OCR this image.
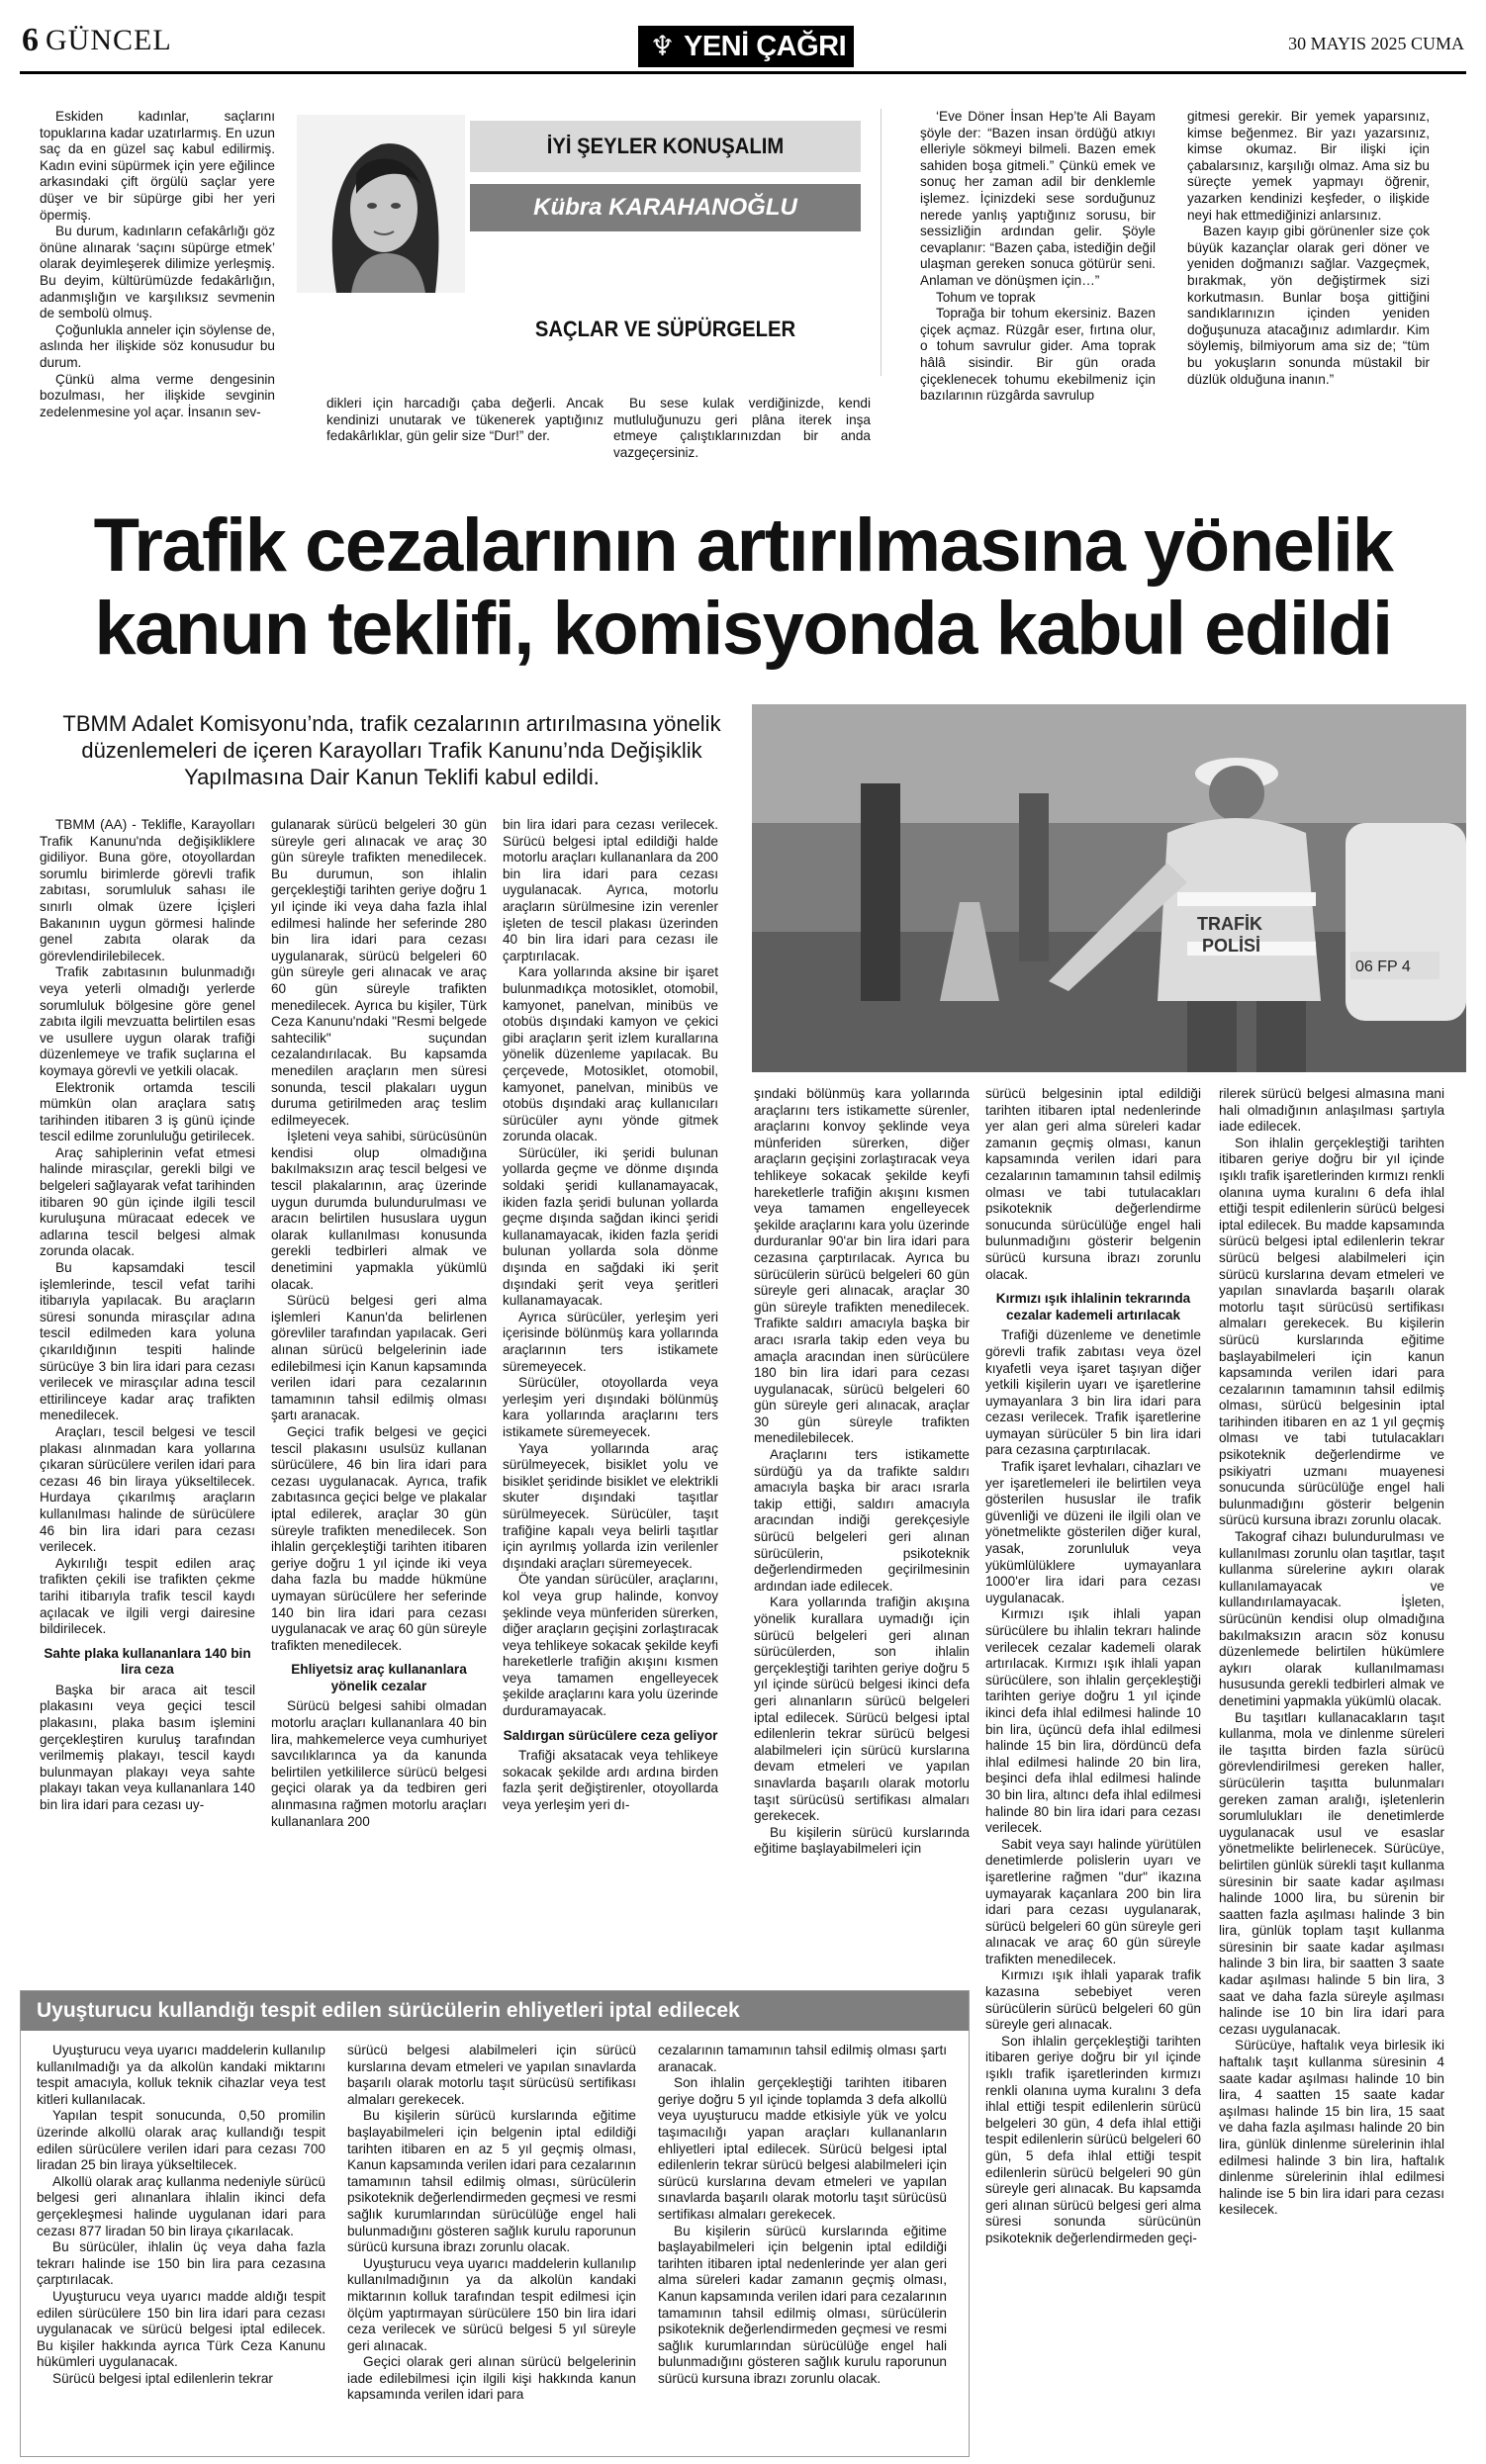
6 GÜNCEL	♆ YENİ ÇAĞRI	30 MAYIS 2025 CUMA

Eskiden kadınlar, saçlarını topuklarına kadar uzatırlarmış. En uzun saç da en güzel saç kabul edilirmiş. Kadın evini süpürmek için yere eğilince arkasındaki çift örgülü saçlar yere düşer ve bir süpürge gibi her yeri öpermiş.

Bu durum, kadınların cefakârlığı göz önüne alınarak ‘saçını süpürge etmek’ olarak deyimleşerek dilimize yerleşmiş. Bu deyim, kültürümüzde fedakârlığın, adanmışlığın ve karşılıksız sevmenin de sembolü olmuş.

Çoğunlukla anneler için söylense de, aslında her ilişkide söz konusudur bu durum.

Çünkü alma verme dengesinin bozulması, her ilişkide sevginin zedelenmesine yol açar. İnsanın sev-

İYİ ŞEYLER KONUŞALIM
Kübra KARAHANOĞLU
SAÇLAR VE SÜPÜRGELER

dikleri için harcadığı çaba değerli. Ancak kendinizi unutarak ve tükenerek yaptığınız fedakârlıklar, gün gelir size “Dur!” der.

Bu sese kulak verdiğinizde, kendi mutluluğunuzu geri plâna iterek inşa etmeye çalıştıklarınızdan bir anda vazgeçersiniz.

‘Eve Döner İnsan Hep’te Ali Bayam şöyle der: “Bazen insan ördüğü atkıyı elleriyle sökmeyi bilmeli. Bazen emek sahiden boşa gitmeli.” Çünkü emek ve sonuç her zaman adil bir denklemle işlemez. İçinizdeki sese sorduğunuz nerede yanlış yaptığınız sorusu, bir sessizliğin ardından gelir. Şöyle cevaplanır: “Bazen çaba, istediğin değil ulaşman gereken sonuca götürür seni. Anlaman ve dönüşmen için…”

Tohum ve toprak

Toprağa bir tohum ekersiniz. Bazen çiçek açmaz. Rüzgâr eser, fırtına olur, o tohum savrulur gider. Ama toprak hâlâ sisindir. Bir gün orada çiçeklenecek tohumu ekebilmeniz için bazılarının rüzgârda savrulup

gitmesi gerekir. Bir yemek yaparsınız, kimse beğenmez. Bir yazı yazarsınız, kimse okumaz. Bir ilişki için çabalarsınız, karşılığı olmaz. Ama siz bu süreçte yemek yapmayı öğrenir, yazarken kendinizi keşfeder, o ilişkide neyi hak ettmediğinizi anlarsınız.

Bazen kayıp gibi görünenler size çok büyük kazançlar olarak geri döner ve yeniden doğmanızı sağlar. Vazgeçmek, bırakmak, yön değiştirmek sizi korkutmasın. Bunlar boşa gittiğini sandıklarınızın içinden yeniden doğuşunuza atacağınız adımlardır. Kim söylemiş, bilmiyorum ama siz de; “tüm bu yokuşların sonunda müstakil bir düzlük olduğuna inanın.”

Trafik cezalarının artırılmasına yönelik
kanun teklifi, komisyonda kabul edildi
TBMM Adalet Komisyonu’nda, trafik cezalarının artırılmasına yönelik düzenlemeleri de içeren Karayolları Trafik Kanunu’nda Değişiklik Yapılmasına Dair Kanun Teklifi kabul edildi.
06 FP 4
TRAFİK
POLİSİ

TBMM (AA) - Teklifle, Karayolları Trafik Kanunu'nda değişikliklere gidiliyor. Buna göre, otoyollardan sorumlu birimlerde görevli trafik zabıtası, sorumluluk sahası ile sınırlı olmak üzere İçişleri Bakanının uygun görmesi halinde genel zabıta olarak da görevlendirilebilecek.

Trafik zabıtasının bulunmadığı veya yeterli olmadığı yerlerde sorumluluk bölgesine göre genel zabıta ilgili mevzuatta belirtilen esas ve usullere uygun olarak trafiği düzenlemeye ve trafik suçlarına el koymaya görevli ve yetkili olacak.

Elektronik ortamda tescili mümkün olan araçlara satış tarihinden itibaren 3 iş günü içinde tescil edilme zorunluluğu getirilecek.

Araç sahiplerinin vefat etmesi halinde mirasçılar, gerekli bilgi ve belgeleri sağlayarak vefat tarihinden itibaren 90 gün içinde ilgili tescil kuruluşuna müracaat edecek ve adlarına tescil belgesi almak zorunda olacak.

Bu kapsamdaki tescil işlemlerinde, tescil vefat tarihi itibarıyla yapılacak. Bu araçların süresi sonunda mirasçılar adına tescil edilmeden kara yoluna çıkarıldığının tespiti halinde sürücüye 3 bin lira idari para cezası verilecek ve mirasçılar adına tescil ettirilinceye kadar araç trafikten menedilecek.

Araçları, tescil belgesi ve tescil plakası alınmadan kara yollarına çıkaran sürücülere verilen idari para cezası 46 bin liraya yükseltilecek. Hurdaya çıkarılmış araçların kullanılması halinde de sürücülere 46 bin lira idari para cezası verilecek.

Aykırılığı tespit edilen araç trafikten çekili ise trafikten çekme tarihi itibarıyla trafik tescil kaydı açılacak ve ilgili vergi dairesine bildirilecek.

Sahte plaka kullananlara 140 bin lira ceza

Başka bir araca ait tescil plakasını veya geçici tescil plakasını, plaka basım işlemini gerçekleştiren kuruluş tarafından verilmemiş plakayı, tescil kaydı bulunmayan plakayı veya sahte plakayı takan veya kullananlara 140 bin lira idari para cezası uy-

gulanarak sürücü belgeleri 30 gün süreyle geri alınacak ve araç 30 gün süreyle trafikten menedilecek. Bu durumun, son ihlalin gerçekleştiği tarihten geriye doğru 1 yıl içinde iki veya daha fazla ihlal edilmesi halinde her seferinde 280 bin lira idari para cezası uygulanarak, sürücü belgeleri 60 gün süreyle geri alınacak ve araç 60 gün süreyle trafikten menedilecek. Ayrıca bu kişiler, Türk Ceza Kanunu'ndaki "Resmi belgede sahtecilik" suçundan cezalandırılacak. Bu kapsamda menedilen araçların men süresi sonunda, tescil plakaları uygun duruma getirilmeden araç teslim edilmeyecek.

İşleteni veya sahibi, sürücüsünün kendisi olup olmadığına bakılmaksızın araç tescil belgesi ve tescil plakalarının, araç üzerinde uygun durumda bulundurulması ve aracın belirtilen hususlara uygun olarak kullanılması konusunda gerekli tedbirleri almak ve denetimini yapmakla yükümlü olacak.

Sürücü belgesi geri alma işlemleri Kanun'da belirlenen görevliler tarafından yapılacak. Geri alınan sürücü belgelerinin iade edilebilmesi için Kanun kapsamında verilen idari para cezalarının tamamının tahsil edilmiş olması şartı aranacak.

Geçici trafik belgesi ve geçici tescil plakasını usulsüz kullanan sürücülere, 46 bin lira idari para cezası uygulanacak. Ayrıca, trafik zabıtasınca geçici belge ve plakalar iptal edilerek, araçlar 30 gün süreyle trafikten menedilecek. Son ihlalin gerçekleştiği tarihten itibaren geriye doğru 1 yıl içinde iki veya daha fazla bu madde hükmüne uymayan sürücülere her seferinde 140 bin lira idari para cezası uygulanacak ve araç 60 gün süreyle trafikten menedilecek.

Ehliyetsiz araç kullananlara yönelik cezalar

Sürücü belgesi sahibi olmadan motorlu araçları kullananlara 40 bin lira, mahkemelerce veya cumhuriyet savcılıklarınca ya da kanunda belirtilen yetkililerce sürücü belgesi geçici olarak ya da tedbiren geri alınmasına rağmen motorlu araçları kullananlara 200

bin lira idari para cezası verilecek. Sürücü belgesi iptal edildiği halde motorlu araçları kullananlara da 200 bin lira idari para cezası uygulanacak. Ayrıca, motorlu araçların sürülmesine izin verenler işleten de tescil plakası üzerinden 40 bin lira idari para cezası ile çarptırılacak.

Kara yollarında aksine bir işaret bulunmadıkça motosiklet, otomobil, kamyonet, panelvan, minibüs ve otobüs dışındaki kamyon ve çekici gibi araçların şerit izlem kurallarına yönelik düzenleme yapılacak. Bu çerçevede, Motosiklet, otomobil, kamyonet, panelvan, minibüs ve otobüs dışındaki araç kullanıcıları sürücüler aynı yönde gitmek zorunda olacak.

Sürücüler, iki şeridi bulunan yollarda geçme ve dönme dışında soldaki şeridi kullanamayacak, ikiden fazla şeridi bulunan yollarda geçme dışında sağdan ikinci şeridi kullanamayacak, ikiden fazla şeridi bulunan yollarda sola dönme dışında en sağdaki iki şerit dışındaki şerit veya şeritleri kullanamayacak.

Ayrıca sürücüler, yerleşim yeri içerisinde bölünmüş kara yollarında araçlarının ters istikamete süremeyecek.

Sürücüler, otoyollarda veya yerleşim yeri dışındaki bölünmüş kara yollarında araçlarını ters istikamete süremeyecek.

Yaya yollarında araç sürülmeyecek, bisiklet yolu ve bisiklet şeridinde bisiklet ve elektrikli skuter dışındaki taşıtlar sürülmeyecek. Sürücüler, taşıt trafiğine kapalı veya belirli taşıtlar için ayrılmış yollarda izin verilenler dışındaki araçları süremeyecek.

Öte yandan sürücüler, araçlarını, kol veya grup halinde, konvoy şeklinde veya münferiden sürerken, diğer araçların geçişini zorlaştıracak veya tehlikeye sokacak şekilde keyfi hareketlerle trafiğin akışını kısmen veya tamamen engelleyecek şekilde araçlarını kara yolu üzerinde durduramayacak.

Saldırgan sürücülere ceza geliyor

Trafiği aksatacak veya tehlikeye sokacak şekilde ardı ardına birden fazla şerit değiştirenler, otoyollarda veya yerleşim yeri dı-

şındaki bölünmüş kara yollarında araçlarını ters istikamette sürenler, araçlarını konvoy şeklinde veya münferiden sürerken, diğer araçların geçişini zorlaştıracak veya tehlikeye sokacak şekilde keyfi hareketlerle trafiğin akışını kısmen veya tamamen engelleyecek şekilde araçlarını kara yolu üzerinde durduranlar 90'ar bin lira idari para cezasına çarptırılacak. Ayrıca bu sürücülerin sürücü belgeleri 60 gün süreyle geri alınacak, araçlar 30 gün süreyle trafikten menedilecek. Trafikte saldırı amacıyla başka bir aracı ısrarla takip eden veya bu amaçla aracından inen sürücülere 180 bin lira idari para cezası uygulanacak, sürücü belgeleri 60 gün süreyle geri alınacak, araçlar 30 gün süreyle trafikten menedilebilecek.

Araçlarını ters istikamette sürdüğü ya da trafikte saldırı amacıyla başka bir aracı ısrarla takip ettiği, saldırı amacıyla aracından indiği gerekçesiyle sürücü belgeleri geri alınan sürücülerin, psikoteknik değerlendirmeden geçirilmesinin ardından iade edilecek.

Kara yollarında trafiğin akışına yönelik kurallara uymadığı için sürücü belgeleri geri alınan sürücülerden, son ihlalin gerçekleştiği tarihten geriye doğru 5 yıl içinde sürücü belgesi ikinci defa geri alınanların sürücü belgeleri iptal edilecek. Sürücü belgesi iptal edilenlerin tekrar sürücü belgesi alabilmeleri için sürücü kurslarına devam etmeleri ve yapılan sınavlarda başarılı olarak motorlu taşıt sürücüsü sertifikası almaları gerekecek.

Bu kişilerin sürücü kurslarında eğitime başlayabilmeleri için

sürücü belgesinin iptal edildiği tarihten itibaren iptal nedenlerinde yer alan geri alma süreleri kadar zamanın geçmiş olması, kanun kapsamında verilen idari para cezalarının tamamının tahsil edilmiş olması ve tabi tutulacakları psikoteknik değerlendirme sonucunda sürücülüğe engel hali bulunmadığını gösterir belgenin sürücü kursuna ibrazı zorunlu olacak.

Kırmızı ışık ihlalinin tekrarında cezalar kademeli artırılacak

Trafiği düzenleme ve denetimle görevli trafik zabıtası veya özel kıyafetli veya işaret taşıyan diğer yetkili kişilerin uyarı ve işaretlerine uymayanlara 3 bin lira idari para cezası verilecek. Trafik işaretlerine uymayan sürücüler 5 bin lira idari para cezasına çarptırılacak.

Trafik işaret levhaları, cihazları ve yer işaretlemeleri ile belirtilen veya gösterilen hususlar ile trafik güvenliği ve düzeni ile ilgili olan ve yönetmelikte gösterilen diğer kural, yasak, zorunluluk veya yükümlülüklere uymayanlara 1000'er lira idari para cezası uygulanacak.

Kırmızı ışık ihlali yapan sürücülere bu ihlalin tekrarı halinde verilecek cezalar kademeli olarak artırılacak. Kırmızı ışık ihlali yapan sürücülere, son ihlalin gerçekleştiği tarihten geriye doğru 1 yıl içinde ikinci defa ihlal edilmesi halinde 10 bin lira, üçüncü defa ihlal edilmesi halinde 15 bin lira, dördüncü defa ihlal edilmesi halinde 20 bin lira, beşinci defa ihlal edilmesi halinde 30 bin lira, altıncı defa ihlal edilmesi halinde 80 bin lira idari para cezası verilecek.

Sabit veya sayı halinde yürütülen denetimlerde polislerin uyarı ve işaretlerine rağmen "dur" ikazına uymayarak kaçanlara 200 bin lira idari para cezası uygulanarak, sürücü belgeleri 60 gün süreyle geri alınacak ve araç 60 gün süreyle trafikten menedilecek.

Kırmızı ışık ihlali yaparak trafik kazasına sebebiyet veren sürücülerin sürücü belgeleri 60 gün süreyle geri alınacak.

Son ihlalin gerçekleştiği tarihten itibaren geriye doğru bir yıl içinde ışıklı trafik işaretlerinden kırmızı renkli olanına uyma kuralını 3 defa ihlal ettiği tespit edilenlerin sürücü belgeleri 30 gün, 4 defa ihlal ettiği tespit edilenlerin sürücü belgeleri 60 gün, 5 defa ihlal ettiği tespit edilenlerin sürücü belgeleri 90 gün süreyle geri alınacak. Bu kapsamda geri alınan sürücü belgesi geri alma süresi sonunda sürücünün psikoteknik değerlendirmeden geçi-

rilerek sürücü belgesi almasına mani hali olmadığının anlaşılması şartıyla iade edilecek.

Son ihlalin gerçekleştiği tarihten itibaren geriye doğru bir yıl içinde ışıklı trafik işaretlerinden kırmızı renkli olanına uyma kuralını 6 defa ihlal ettiği tespit edilenlerin sürücü belgesi iptal edilecek. Bu madde kapsamında sürücü belgesi iptal edilenlerin tekrar sürücü belgesi alabilmeleri için sürücü kurslarına devam etmeleri ve yapılan sınavlarda başarılı olarak motorlu taşıt sürücüsü sertifikası almaları gerekecek. Bu kişilerin sürücü kurslarında eğitime başlayabilmeleri için kanun kapsamında verilen idari para cezalarının tamamının tahsil edilmiş olması, sürücü belgesinin iptal tarihinden itibaren en az 1 yıl geçmiş olması ve tabi tutulacakları psikoteknik değerlendirme ve psikiyatri uzmanı muayenesi sonucunda sürücülüğe engel hali bulunmadığını gösterir belgenin sürücü kursuna ibrazı zorunlu olacak.

Takograf cihazı bulundurulması ve kullanılması zorunlu olan taşıtlar, taşıt kullanma sürelerine aykırı olarak kullanılamayacak ve kullandırılamayacak. İşleten, sürücünün kendisi olup olmadığına bakılmaksızın aracın söz konusu düzenlemede belirtilen hükümlere aykırı olarak kullanılmaması hususunda gerekli tedbirleri almak ve denetimini yapmakla yükümlü olacak.

Bu taşıtları kullanacakların taşıt kullanma, mola ve dinlenme süreleri ile taşıtta birden fazla sürücü görevlendirilmesi gereken haller, sürücülerin taşıtta bulunmaları gereken zaman aralığı, işletenlerin sorumlulukları ile denetimlerde uygulanacak usul ve esaslar yönetmelikte belirlenecek. Sürücüye, belirtilen günlük sürekli taşıt kullanma süresinin bir saate kadar aşılması halinde 1000 lira, bu sürenin bir saatten fazla aşılması halinde 3 bin lira, günlük toplam taşıt kullanma süresinin bir saate kadar aşılması halinde 3 bin lira, bir saatten 3 saate kadar aşılması halinde 5 bin lira, 3 saat ve daha fazla süreyle aşılması halinde ise 10 bin lira idari para cezası uygulanacak.

Sürücüye, haftalık veya birlesik iki haftalık taşıt kullanma süresinin 4 saate kadar aşılması halinde 10 bin lira, 4 saatten 15 saate kadar aşılması halinde 15 bin lira, 15 saat ve daha fazla aşılması halinde 20 bin lira, günlük dinlenme sürelerinin ihlal edilmesi halinde 3 bin lira, haftalık dinlenme sürelerinin ihlal edilmesi halinde ise 5 bin lira idari para cezası kesilecek.

Uyuşturucu kullandığı tespit edilen sürücülerin ehliyetleri iptal edilecek

Uyuşturucu veya uyarıcı maddelerin kullanılıp kullanılmadığı ya da alkolün kandaki miktarını tespit amacıyla, kolluk teknik cihazlar veya test kitleri kullanılacak.

Yapılan tespit sonucunda, 0,50 promilin üzerinde alkollü olarak araç kullandığı tespit edilen sürücülere verilen idari para cezası 700 liradan 25 bin liraya yükseltilecek.

Alkollü olarak araç kullanma nedeniyle sürücü belgesi geri alınanlara ihlalin ikinci defa gerçekleşmesi halinde uygulanan idari para cezası 877 liradan 50 bin liraya çıkarılacak.

Bu sürücüler, ihlalin üç veya daha fazla tekrarı halinde ise 150 bin lira para cezasına çarptırılacak.

Uyuşturucu veya uyarıcı madde aldığı tespit edilen sürücülere 150 bin lira idari para cezası uygulanacak ve sürücü belgesi iptal edilecek. Bu kişiler hakkında ayrıca Türk Ceza Kanunu hükümleri uygulanacak.

Sürücü belgesi iptal edilenlerin tekrar

sürücü belgesi alabilmeleri için sürücü kurslarına devam etmeleri ve yapılan sınavlarda başarılı olarak motorlu taşıt sürücüsü sertifikası almaları gerekecek.

Bu kişilerin sürücü kurslarında eğitime başlayabilmeleri için belgenin iptal edildiği tarihten itibaren en az 5 yıl geçmiş olması, Kanun kapsamında verilen idari para cezalarının tamamının tahsil edilmiş olması, sürücülerin psikoteknik değerlendirmeden geçmesi ve resmi sağlık kurumlarından sürücülüğe engel hali bulunmadığını gösteren sağlık kurulu raporunun sürücü kursuna ibrazı zorunlu olacak.

Uyuşturucu veya uyarıcı maddelerin kullanılıp kullanılmadığının ya da alkolün kandaki miktarının kolluk tarafından tespit edilmesi için ölçüm yaptırmayan sürücülere 150 bin lira idari ceza verilecek ve sürücü belgesi 5 yıl süreyle geri alınacak.

Geçici olarak geri alınan sürücü belgelerinin iade edilebilmesi için ilgili kişi hakkında kanun kapsamında verilen idari para

cezalarının tamamının tahsil edilmiş olması şartı aranacak.

Son ihlalin gerçekleştiği tarihten itibaren geriye doğru 5 yıl içinde toplamda 3 defa alkollü veya uyuşturucu madde etkisiyle yük ve yolcu taşımacılığı yapan araçları kullananların ehliyetleri iptal edilecek. Sürücü belgesi iptal edilenlerin tekrar sürücü belgesi alabilmeleri için sürücü kurslarına devam etmeleri ve yapılan sınavlarda başarılı olarak motorlu taşıt sürücüsü sertifikası almaları gerekecek.

Bu kişilerin sürücü kurslarında eğitime başlayabilmeleri için belgenin iptal edildiği tarihten itibaren iptal nedenlerinde yer alan geri alma süreleri kadar zamanın geçmiş olması, Kanun kapsamında verilen idari para cezalarının tamamının tahsil edilmiş olması, sürücülerin psikoteknik değerlendirmeden geçmesi ve resmi sağlık kurumlarından sürücülüğe engel hali bulunmadığını gösteren sağlık kurulu raporunun sürücü kursuna ibrazı zorunlu olacak.
